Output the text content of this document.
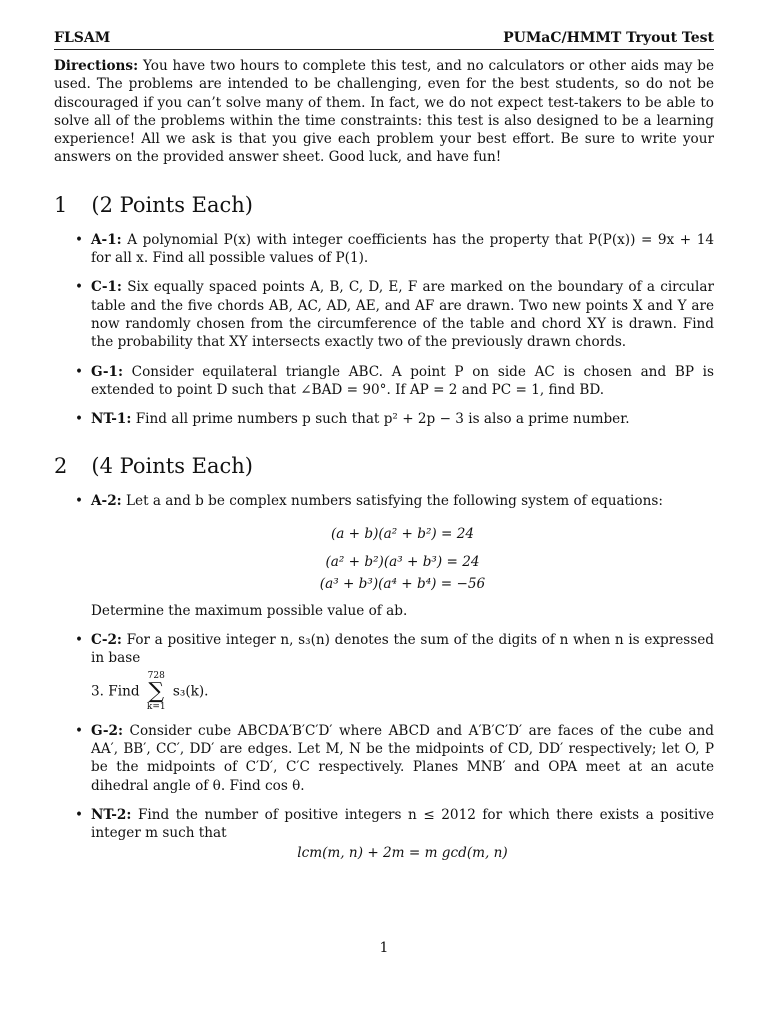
FLSAM	PUMaC/HMMT Tryout Test
Directions: You have two hours to complete this test, and no calculators or other aids may be used. The problems are intended to be challenging, even for the best students, so do not be discouraged if you can’t solve many of them. In fact, we do not expect test-takers to be able to solve all of the problems within the time constraints: this test is also designed to be a learning experience! All we ask is that you give each problem your best effort. Be sure to write your answers on the provided answer sheet. Good luck, and have fun!
1 (2 Points Each)
• A-1: A polynomial P(x) with integer coefficients has the property that P(P(x)) = 9x + 14 for all x. Find all possible values of P(1).
• C-1: Six equally spaced points A, B, C, D, E, F are marked on the boundary of a circular table and the five chords AB, AC, AD, AE, and AF are drawn. Two new points X and Y are now randomly chosen from the circumference of the table and chord XY is drawn. Find the probability that XY intersects exactly two of the previously drawn chords.
• G-1: Consider equilateral triangle ABC. A point P on side AC is chosen and BP is extended to point D such that ∠BAD = 90°. If AP = 2 and PC = 1, find BD.
• NT-1: Find all prime numbers p such that p² + 2p − 3 is also a prime number.
2 (4 Points Each)
• A-2: Let a and b be complex numbers satisfying the following system of equations:
(a + b)(a² + b²) = 24
(a² + b²)(a³ + b³) = 24
(a³ + b³)(a⁴ + b⁴) = −56
Determine the maximum possible value of ab.
• C-2: For a positive integer n, s₃(n) denotes the sum of the digits of n when n is expressed in base
3. Find
728
∑
k=1
s₃(k).
• G-2: Consider cube ABCDA′B′C′D′ where ABCD and A′B′C′D′ are faces of the cube and AA′, BB′, CC′, DD′ are edges. Let M, N be the midpoints of CD, DD′ respectively; let O, P be the midpoints of C′D′, C′C respectively. Planes MNB′ and OPA meet at an acute dihedral angle of θ. Find cos θ.
• NT-2: Find the number of positive integers n ≤ 2012 for which there exists a positive integer m such that
lcm(m, n) + 2m = m gcd(m, n)
1
